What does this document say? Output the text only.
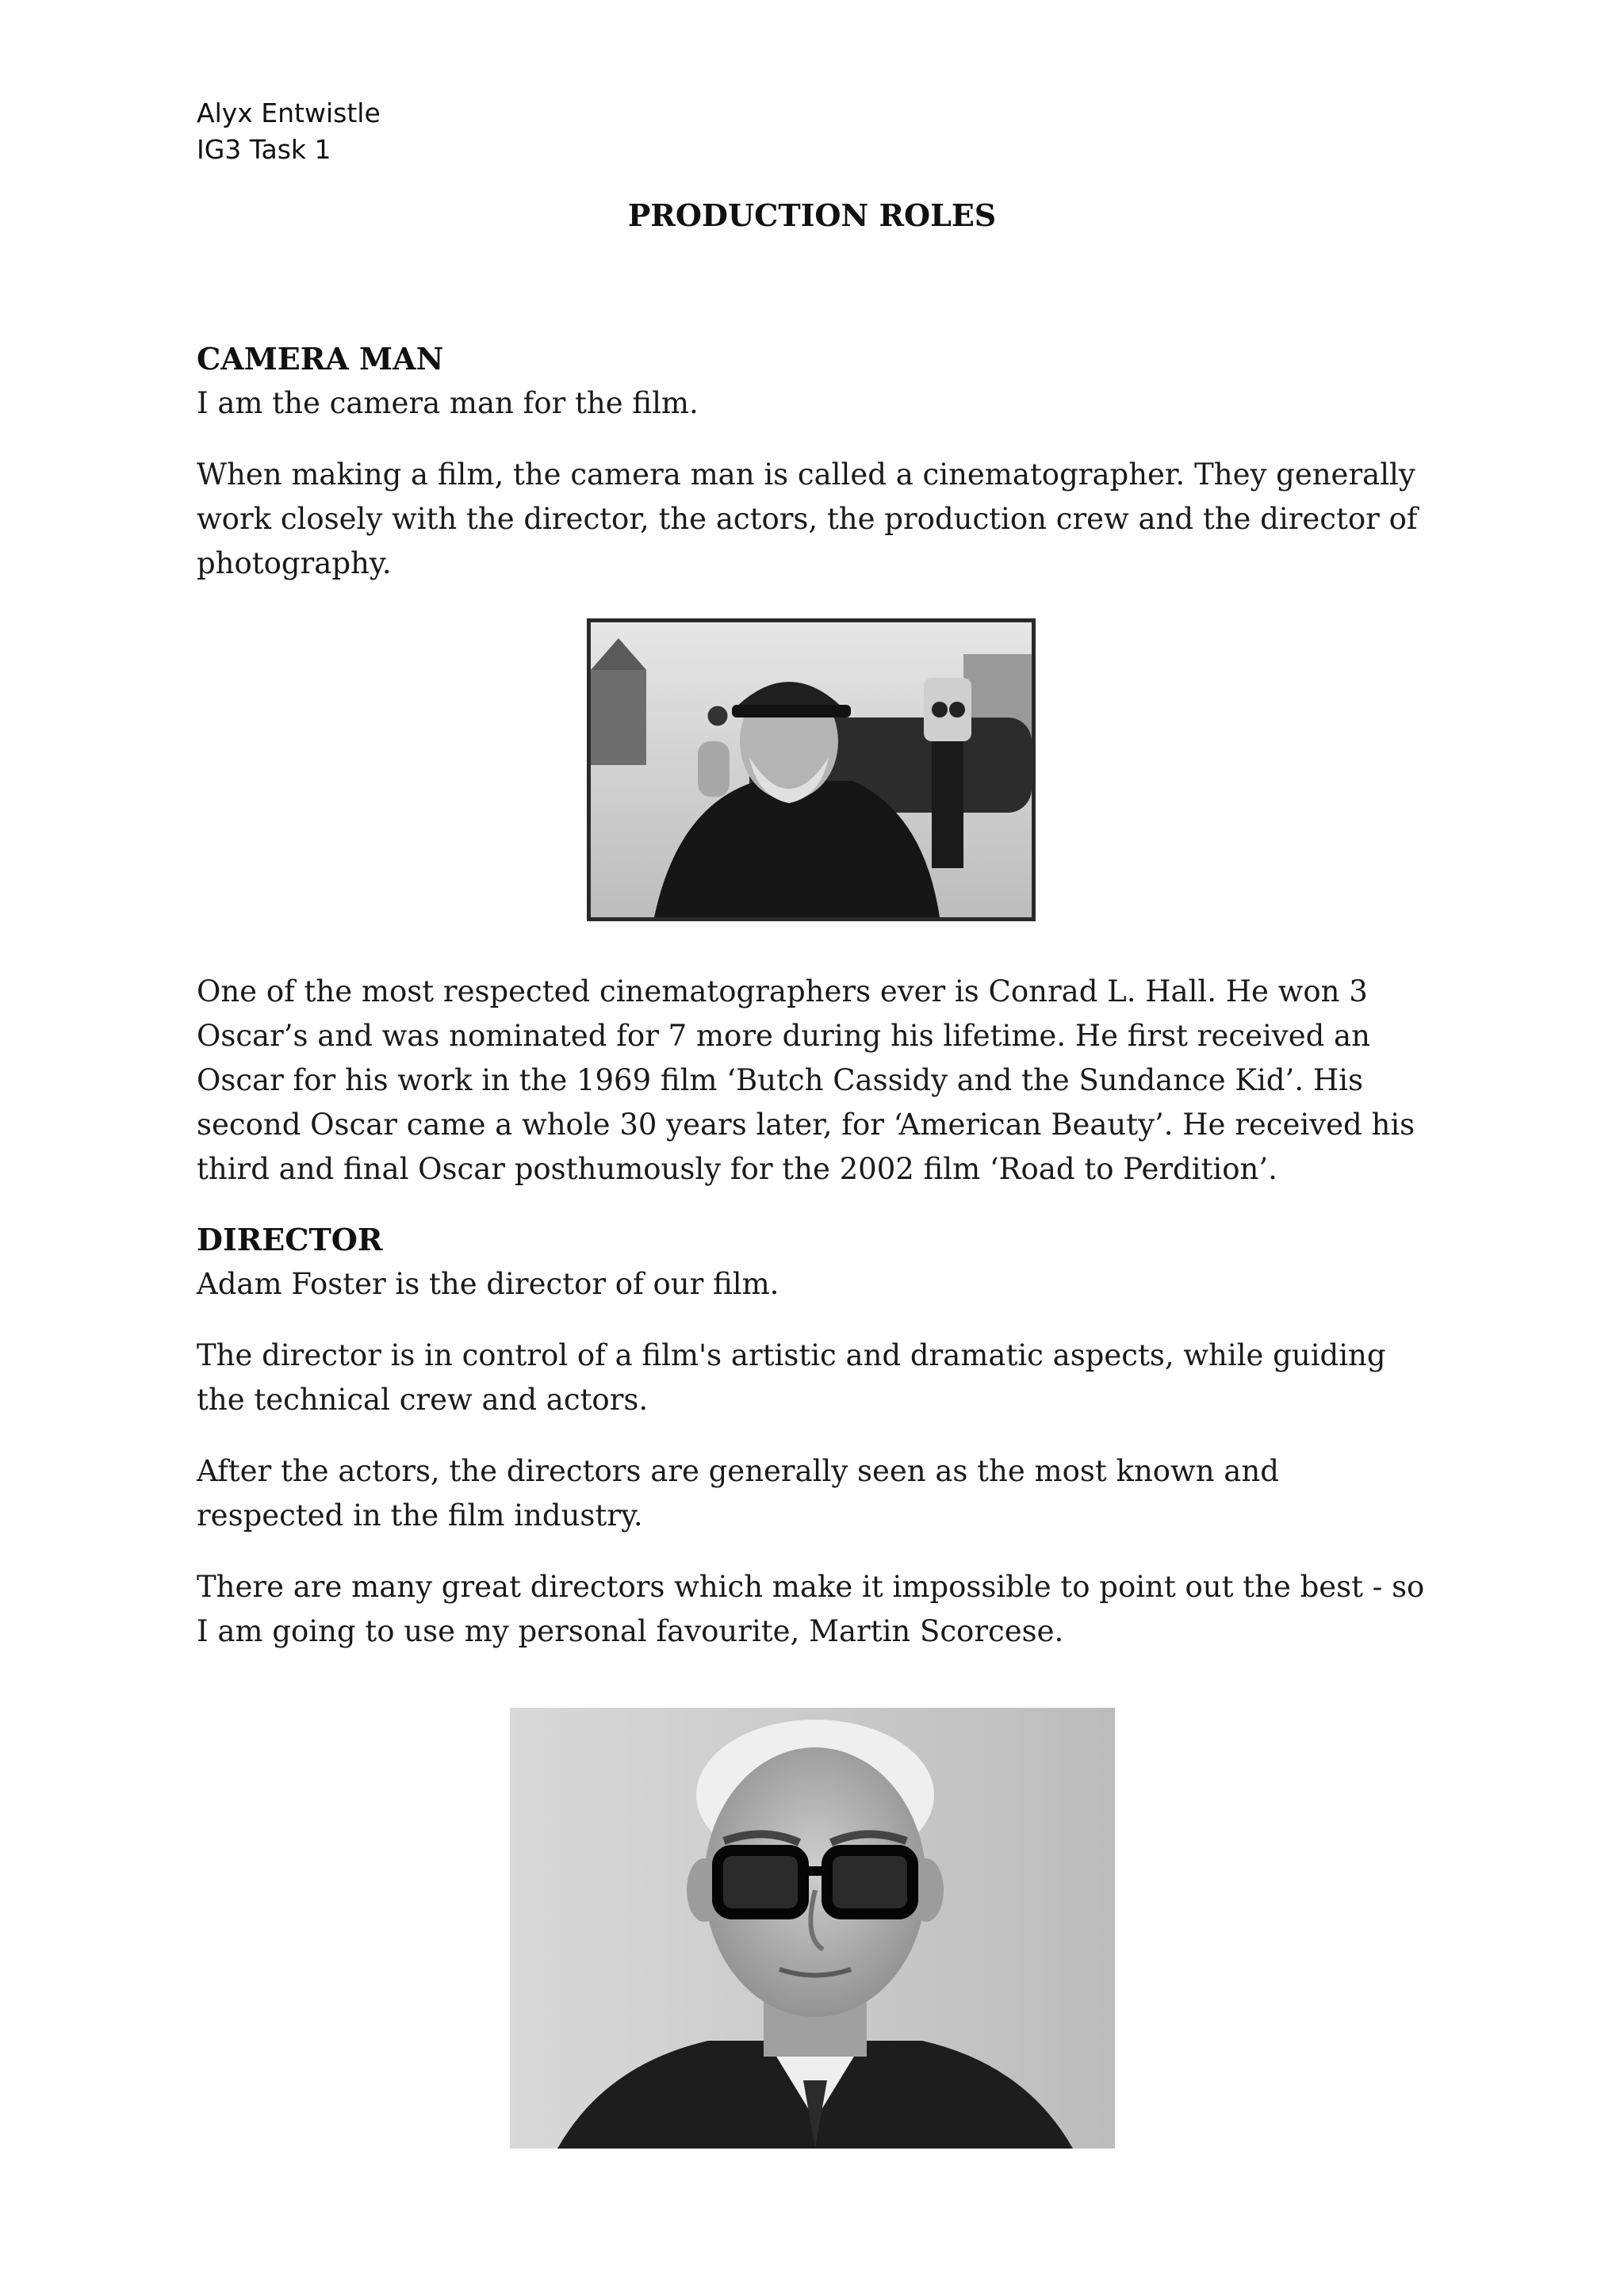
Alyx Entwistle
IG3 Task 1
PRODUCTION ROLES
CAMERA MAN

I am the camera man for the film.

When making a film, the camera man is called a cinematographer. They generally work closely with the director, the actors, the production crew and the director of photography.

One of the most respected cinematographers ever is Conrad L. Hall. He won 3 Oscar’s and was nominated for 7 more during his lifetime. He first received an Oscar for his work in the 1969 film ‘Butch Cassidy and the Sundance Kid’. His second Oscar came a whole 30 years later, for ‘American Beauty’. He received his third and final Oscar posthumously for the 2002 film ‘Road to Perdition’.

DIRECTOR

Adam Foster is the director of our film.

The director is in control of a film's artistic and dramatic aspects, while guiding the technical crew and actors.

After the actors, the directors are generally seen as the most known and respected in the film industry.

There are many great directors which make it impossible to point out the best - so I am going to use my personal favourite, Martin Scorcese.
